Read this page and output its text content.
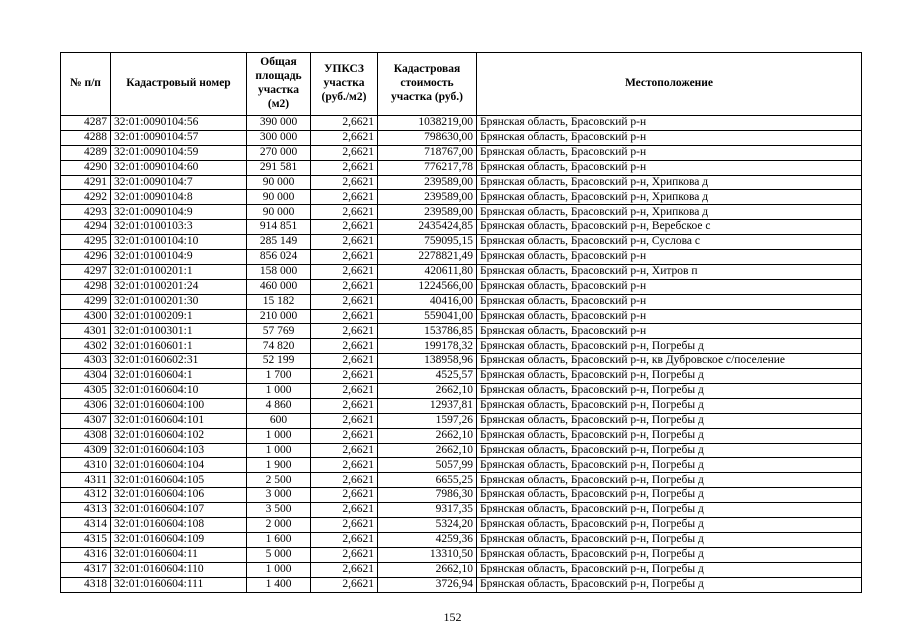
№ п/п	Кадастровый номер	Общая площадь участка (м2)	УПКСЗ участка (руб./м2)	Кадастровая стоимость участка (руб.)	Местоположение
4287	32:01:0090104:56	390 000	2,6621	1038219,00	Брянская область, Брасовский р-н
4288	32:01:0090104:57	300 000	2,6621	798630,00	Брянская область, Брасовский р-н
4289	32:01:0090104:59	270 000	2,6621	718767,00	Брянская область, Брасовский р-н
4290	32:01:0090104:60	291 581	2,6621	776217,78	Брянская область, Брасовский р-н
4291	32:01:0090104:7	90 000	2,6621	239589,00	Брянская область, Брасовский р-н, Хрипкова д
4292	32:01:0090104:8	90 000	2,6621	239589,00	Брянская область, Брасовский р-н, Хрипкова д
4293	32:01:0090104:9	90 000	2,6621	239589,00	Брянская область, Брасовский р-н, Хрипкова д
4294	32:01:0100103:3	914 851	2,6621	2435424,85	Брянская область, Брасовский р-н, Веребское с
4295	32:01:0100104:10	285 149	2,6621	759095,15	Брянская область, Брасовский р-н, Суслова с
4296	32:01:0100104:9	856 024	2,6621	2278821,49	Брянская область, Брасовский р-н
4297	32:01:0100201:1	158 000	2,6621	420611,80	Брянская область, Брасовский р-н, Хитров п
4298	32:01:0100201:24	460 000	2,6621	1224566,00	Брянская область, Брасовский р-н
4299	32:01:0100201:30	15 182	2,6621	40416,00	Брянская область, Брасовский р-н
4300	32:01:0100209:1	210 000	2,6621	559041,00	Брянская область, Брасовский р-н
4301	32:01:0100301:1	57 769	2,6621	153786,85	Брянская область, Брасовский р-н
4302	32:01:0160601:1	74 820	2,6621	199178,32	Брянская область, Брасовский р-н, Погребы д
4303	32:01:0160602:31	52 199	2,6621	138958,96	Брянская область, Брасовский р-н, кв Дубровское с/поселение
4304	32:01:0160604:1	1 700	2,6621	4525,57	Брянская область, Брасовский р-н, Погребы д
4305	32:01:0160604:10	1 000	2,6621	2662,10	Брянская область, Брасовский р-н, Погребы д
4306	32:01:0160604:100	4 860	2,6621	12937,81	Брянская область, Брасовский р-н, Погребы д
4307	32:01:0160604:101	600	2,6621	1597,26	Брянская область, Брасовский р-н, Погребы д
4308	32:01:0160604:102	1 000	2,6621	2662,10	Брянская область, Брасовский р-н, Погребы д
4309	32:01:0160604:103	1 000	2,6621	2662,10	Брянская область, Брасовский р-н, Погребы д
4310	32:01:0160604:104	1 900	2,6621	5057,99	Брянская область, Брасовский р-н, Погребы д
4311	32:01:0160604:105	2 500	2,6621	6655,25	Брянская область, Брасовский р-н, Погребы д
4312	32:01:0160604:106	3 000	2,6621	7986,30	Брянская область, Брасовский р-н, Погребы д
4313	32:01:0160604:107	3 500	2,6621	9317,35	Брянская область, Брасовский р-н, Погребы д
4314	32:01:0160604:108	2 000	2,6621	5324,20	Брянская область, Брасовский р-н, Погребы д
4315	32:01:0160604:109	1 600	2,6621	4259,36	Брянская область, Брасовский р-н, Погребы д
4316	32:01:0160604:11	5 000	2,6621	13310,50	Брянская область, Брасовский р-н, Погребы д
4317	32:01:0160604:110	1 000	2,6621	2662,10	Брянская область, Брасовский р-н, Погребы д
4318	32:01:0160604:111	1 400	2,6621	3726,94	Брянская область, Брасовский р-н, Погребы д
152
